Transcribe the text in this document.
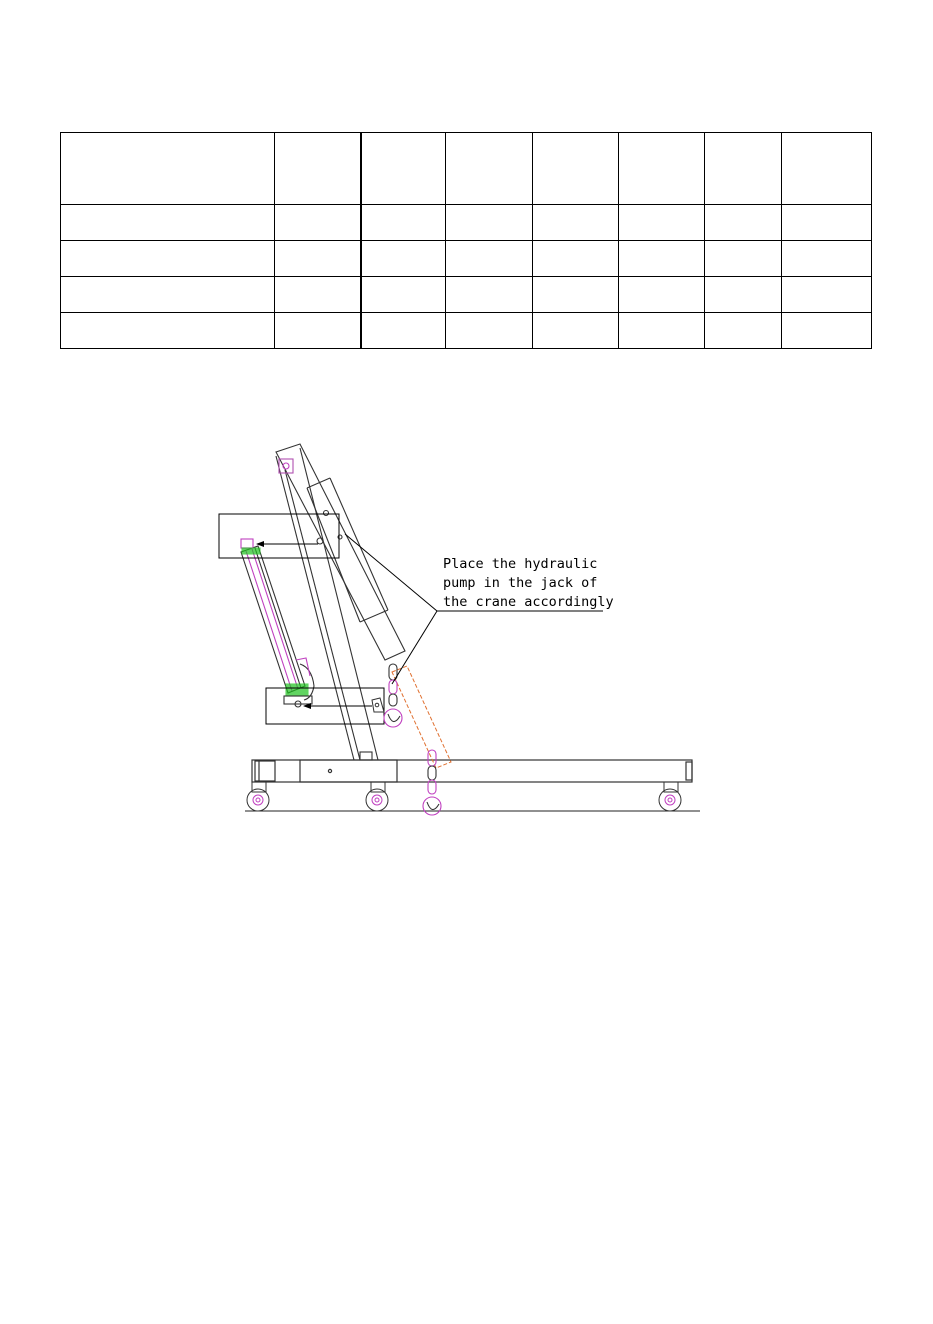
Place the hydraulic
pump in the jack of
the crane accordingly
